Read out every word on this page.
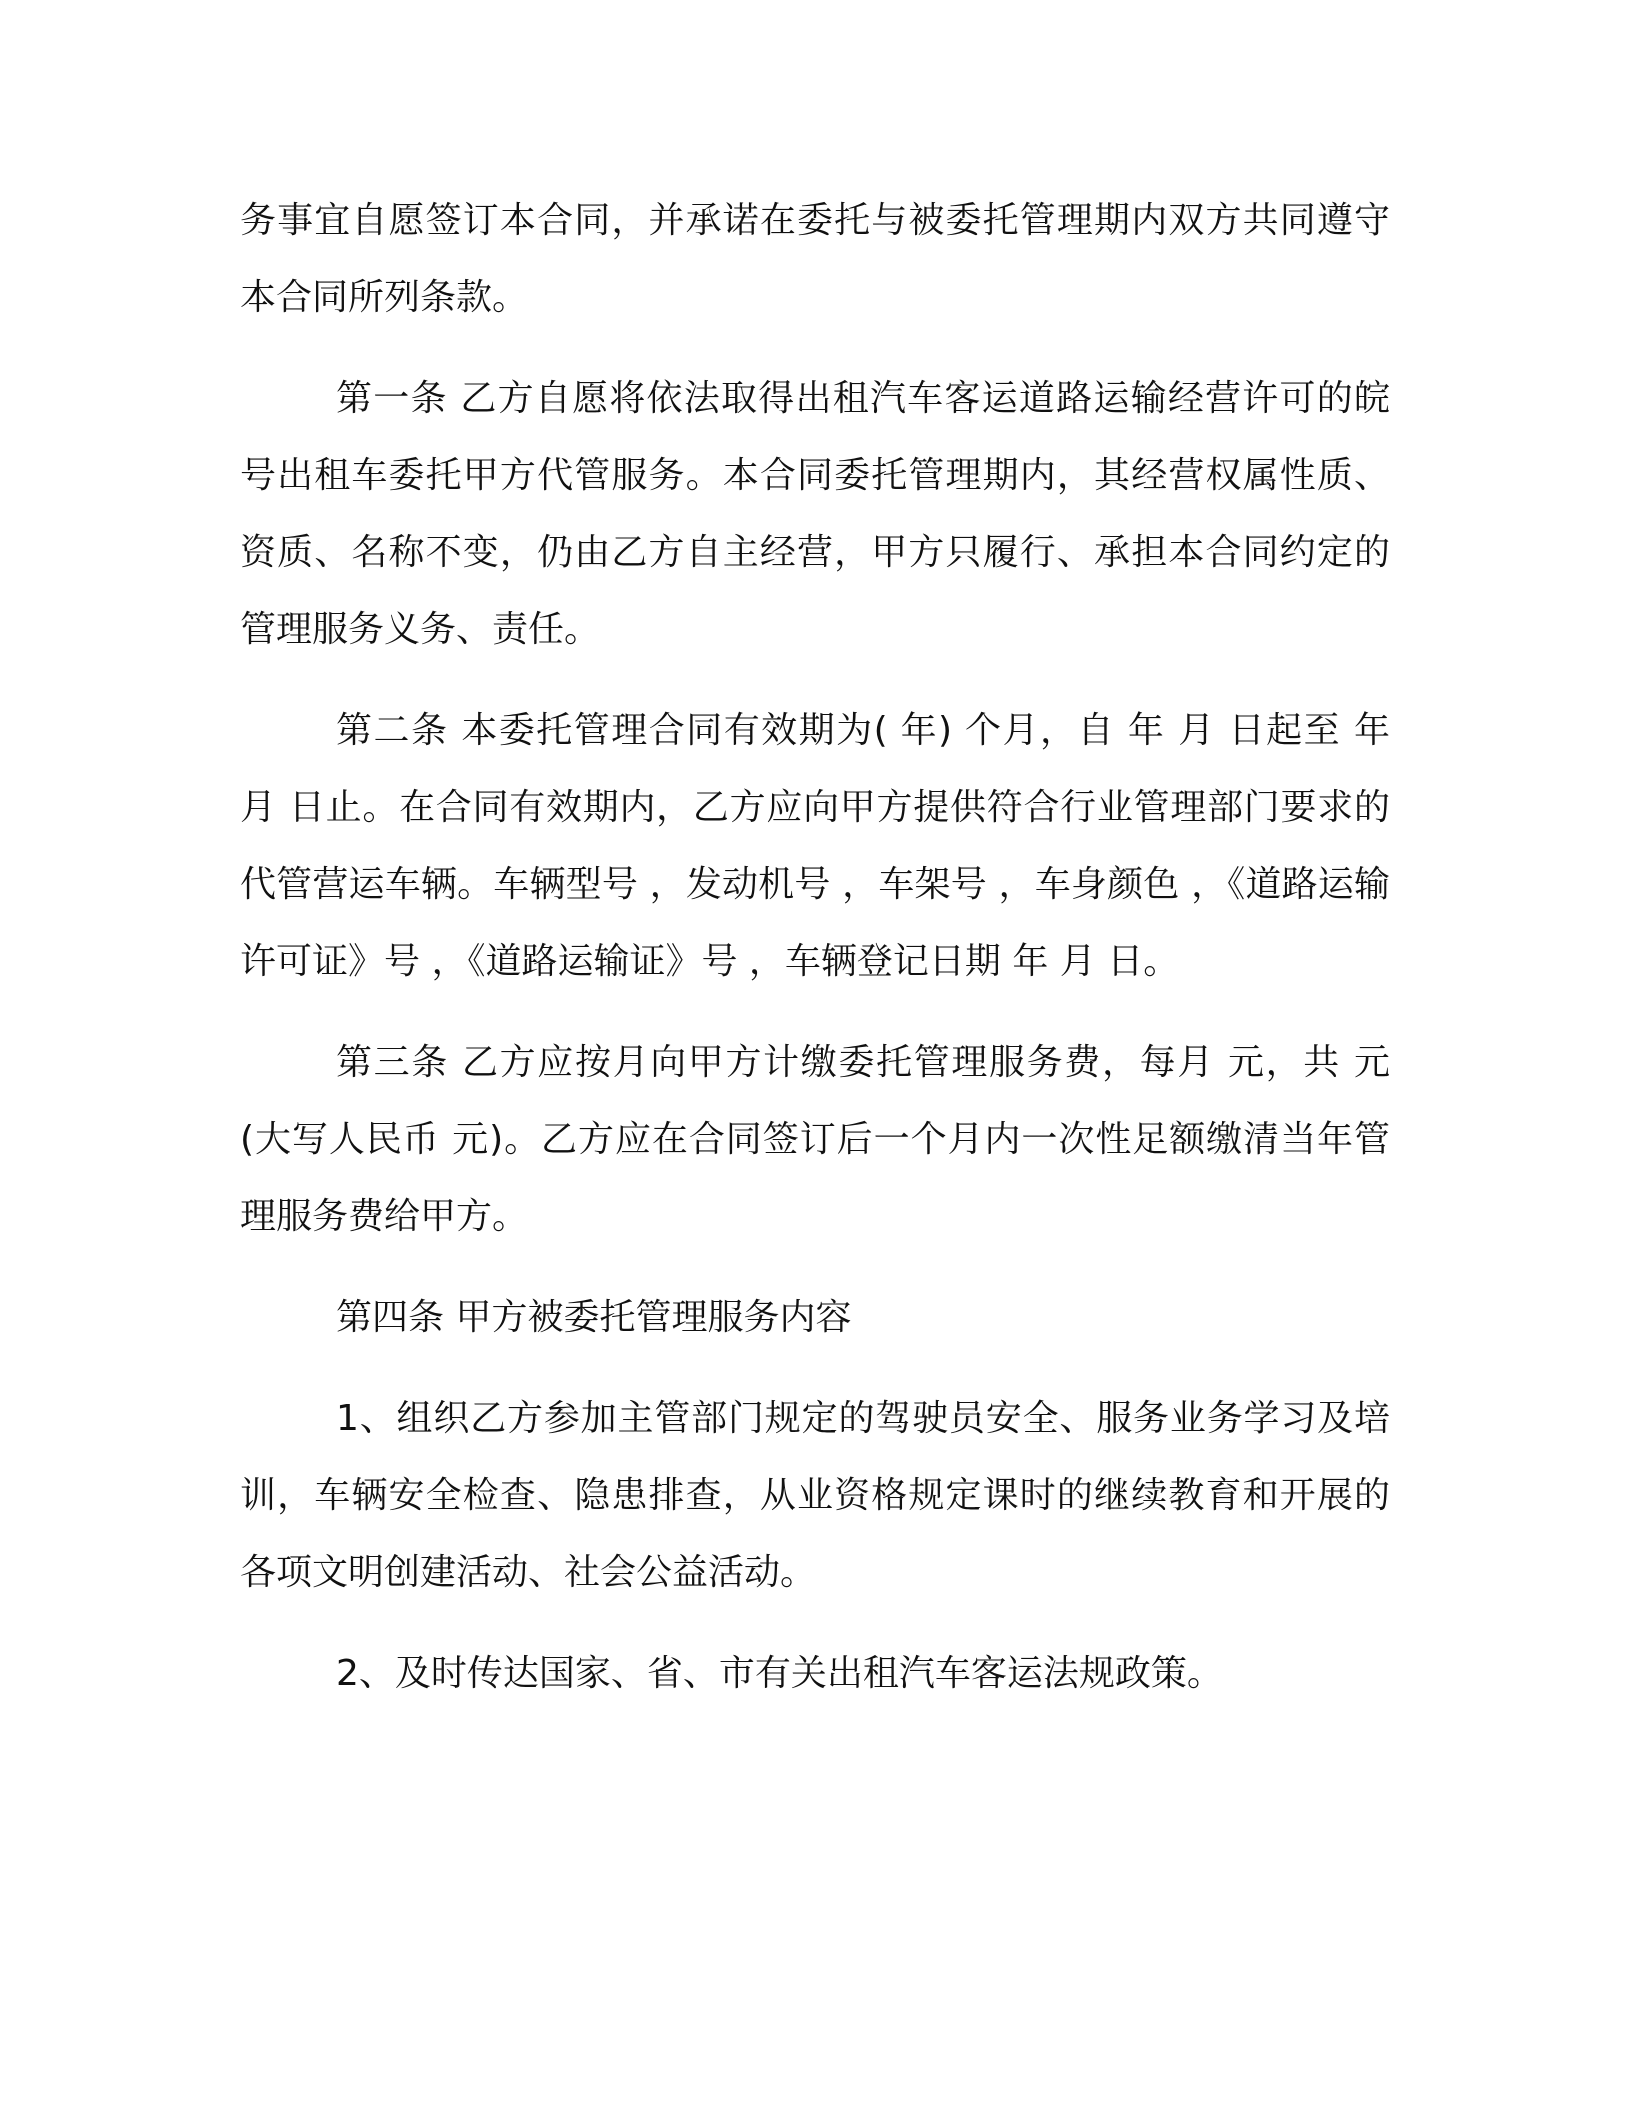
务事宜自愿签订本合同，并承诺在委托与被委托管理期内双方共同遵守本合同所列条款。

第一条 乙方自愿将依法取得出租汽车客运道路运输经营许可的皖号出租车委托甲方代管服务。本合同委托管理期内，其经营权属性质、资质、名称不变，仍由乙方自主经营，甲方只履行、承担本合同约定的管理服务义务、责任。

第二条 本委托管理合同有效期为( 年) 个月，自 年 月 日起至 年 月 日止。在合同有效期内，乙方应向甲方提供符合行业管理部门要求的代管营运车辆。车辆型号 ，发动机号 ，车架号 ，车身颜色 ，《道路运输许可证》号 ，《道路运输证》号 ，车辆登记日期 年 月 日。

第三条 乙方应按月向甲方计缴委托管理服务费，每月 元，共 元(大写人民币 元)。乙方应在合同签订后一个月内一次性足额缴清当年管理服务费给甲方。

第四条 甲方被委托管理服务内容

1、组织乙方参加主管部门规定的驾驶员安全、服务业务学习及培训，车辆安全检查、隐患排查，从业资格规定课时的继续教育和开展的各项文明创建活动、社会公益活动。

2、及时传达国家、省、市有关出租汽车客运法规政策。
